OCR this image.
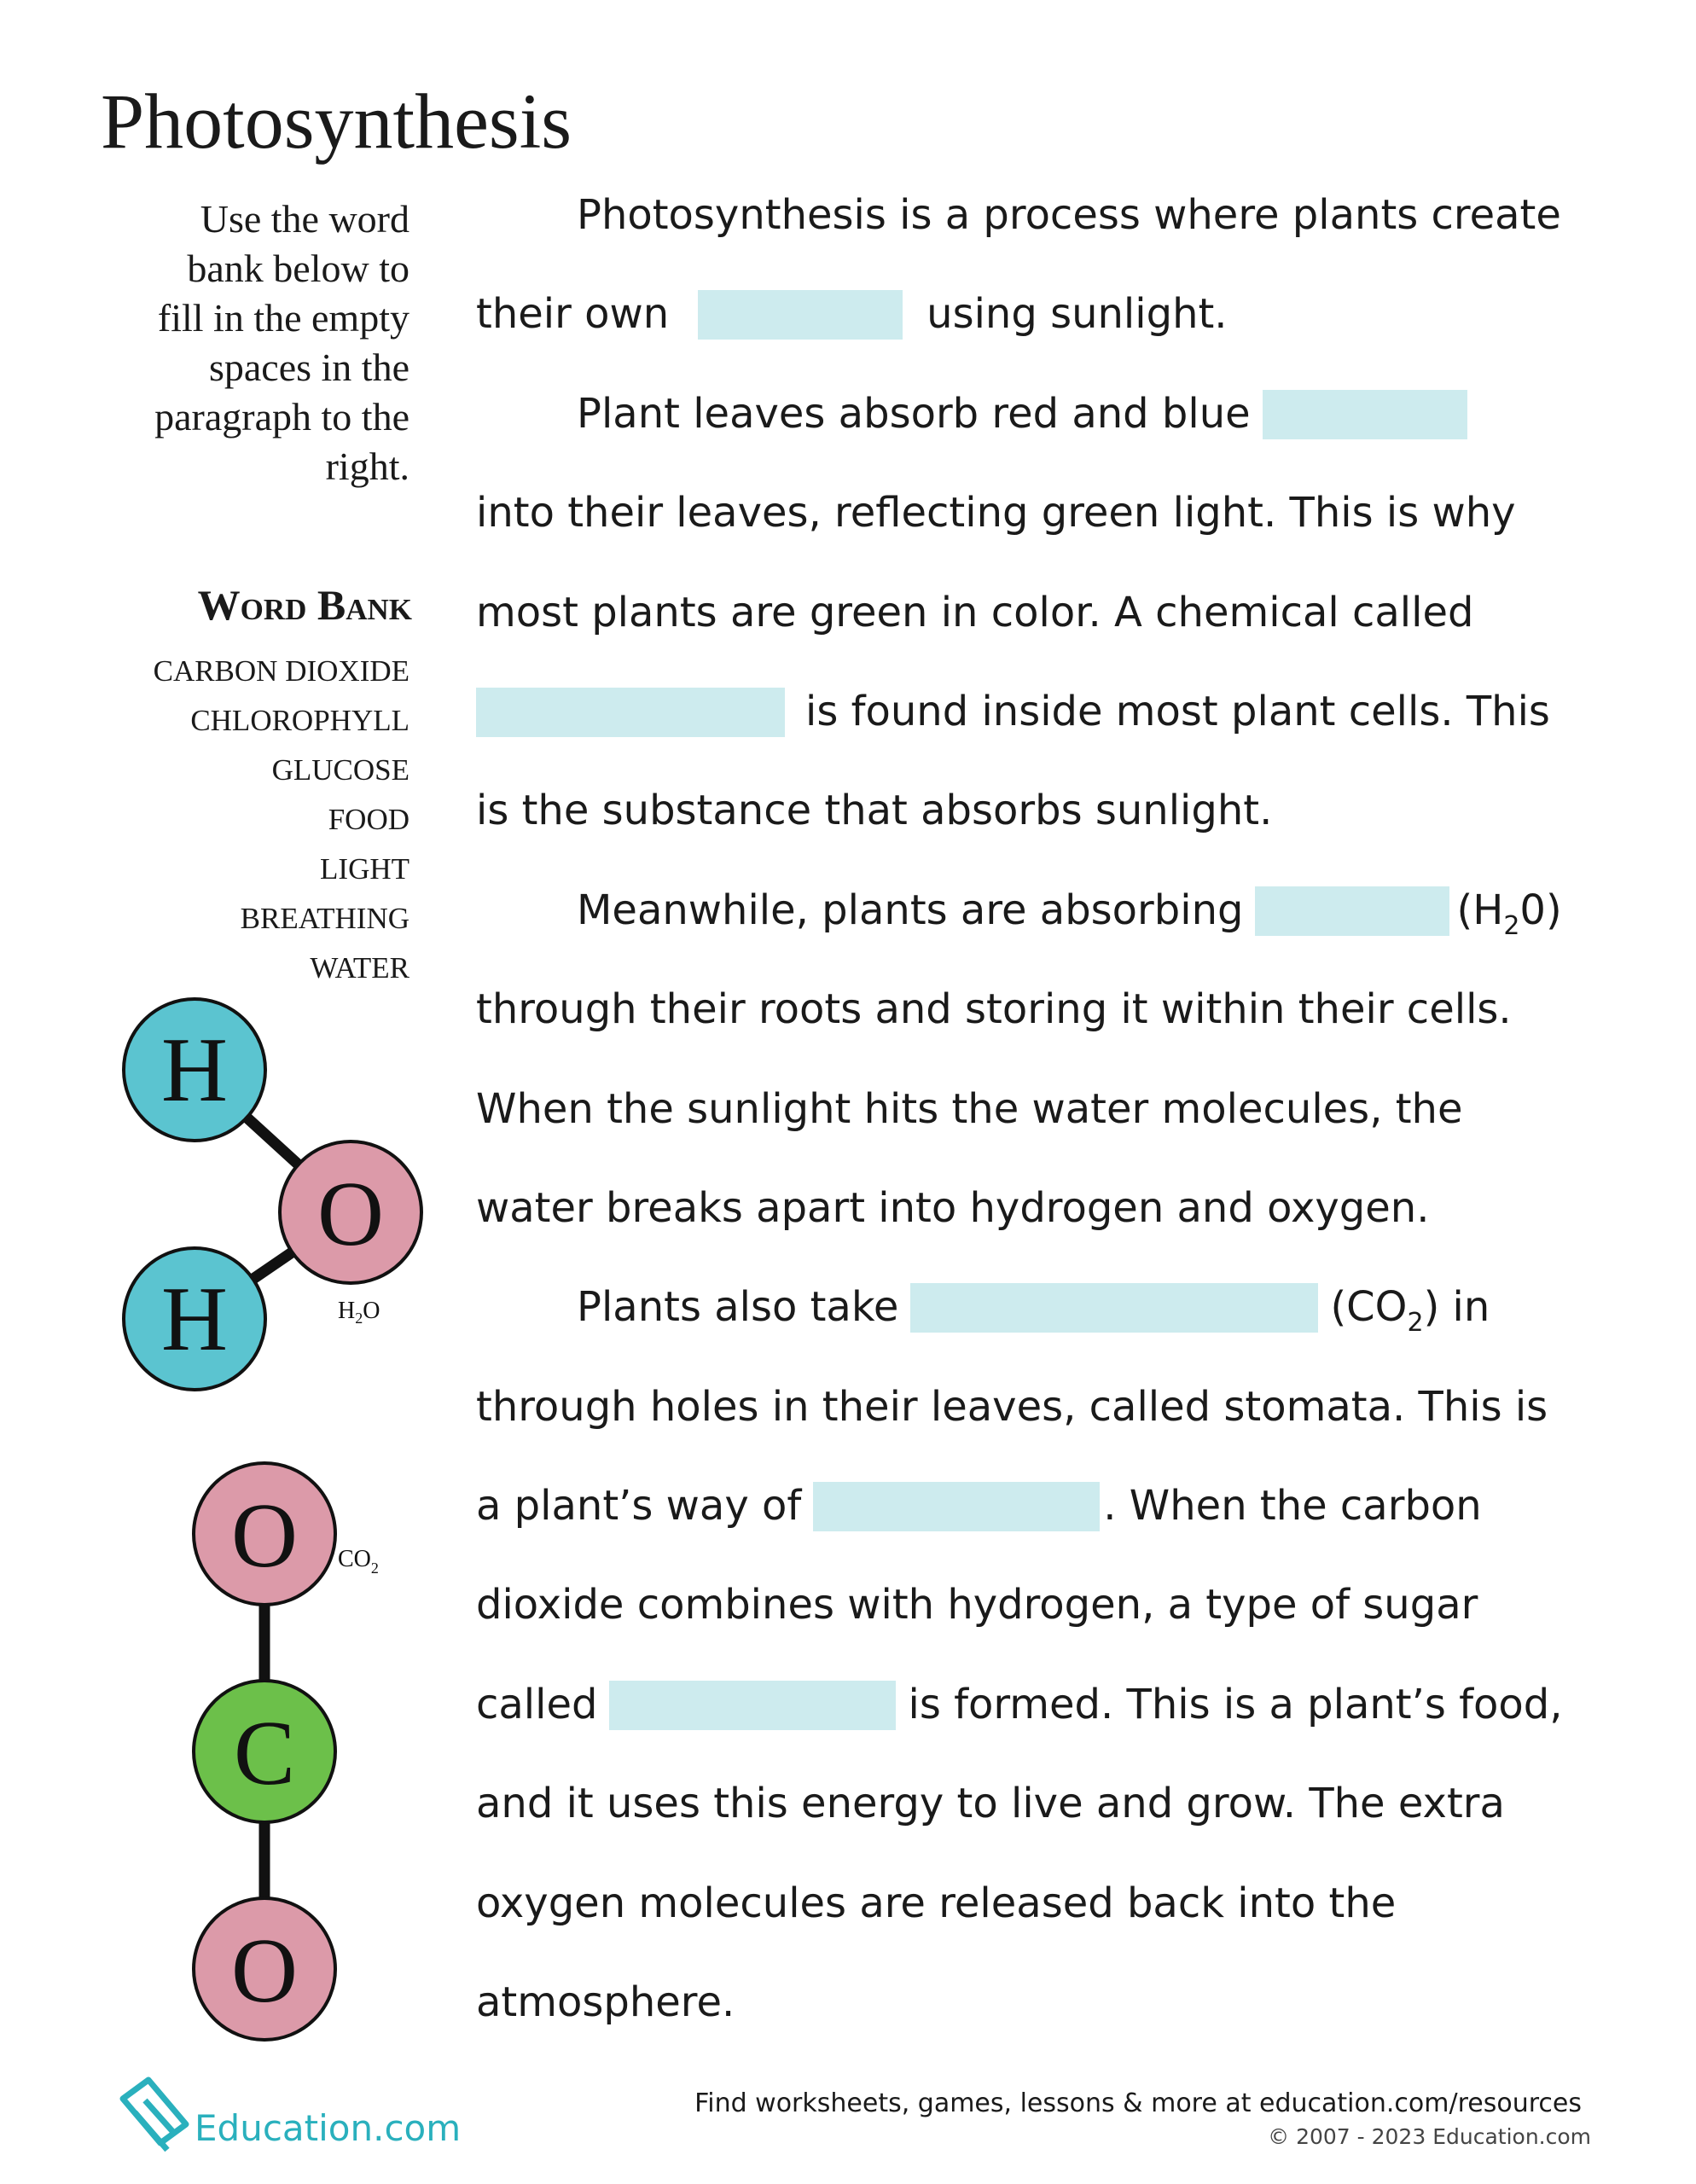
Photosynthesis
Use the word
bank below to
fill in the empty
spaces in the
paragraph to the
right.
Word Bank
CARBON DIOXIDE
CHLOROPHYLL
GLUCOSE
FOOD
LIGHT
BREATHING
WATER
H
O
H	$H_2O$
O
C
O
$CO_2$
Photosynthesis is a process where plants create
their own	using sunlight.
Plant leaves absorb red and blue
into their leaves, reflecting green light. This is why
most plants are green in color. A chemical called
is found inside most plant cells. This
is the substance that absorbs sunlight.
Meanwhile, plants are absorbing	$(H_20)$
through their roots and storing it within their cells.
When the sunlight hits the water molecules, the
water breaks apart into hydrogen and oxygen.
Plants also take	$(CO_2)$ in
through holes in their leaves, called stomata. This is
a plant’s way of	. When the carbon
dioxide combines with hydrogen, a type of sugar
called	is formed. This is a plant’s food,
and it uses this energy to live and grow. The extra
oxygen molecules are released back into the
atmosphere.
Education.com
Find worksheets, games, lessons & more at education.com/resources
© 2007 - 2023 Education.com
